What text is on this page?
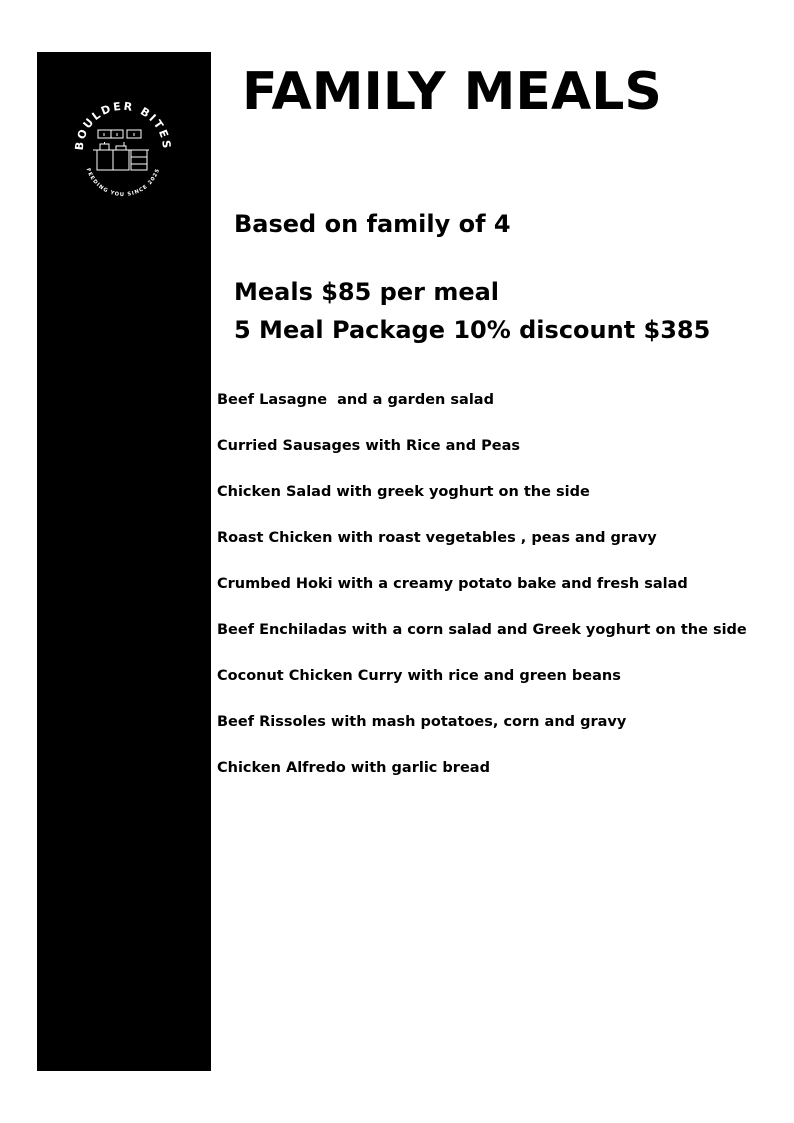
BOULDER BITES
FEEDING YOU SINCE 2025
FAMILY MEALS
Based on family of 4
Meals $85 per meal
5 Meal Package 10% discount $385
Beef Lasagne  and a garden salad
Curried Sausages with Rice and Peas
Chicken Salad with greek yoghurt on the side
Roast Chicken with roast vegetables , peas and gravy
Crumbed Hoki with a creamy potato bake and fresh salad
Beef Enchiladas with a corn salad and Greek yoghurt on the side
Coconut Chicken Curry with rice and green beans
Beef Rissoles with mash potatoes, corn and gravy
Chicken Alfredo with garlic bread
